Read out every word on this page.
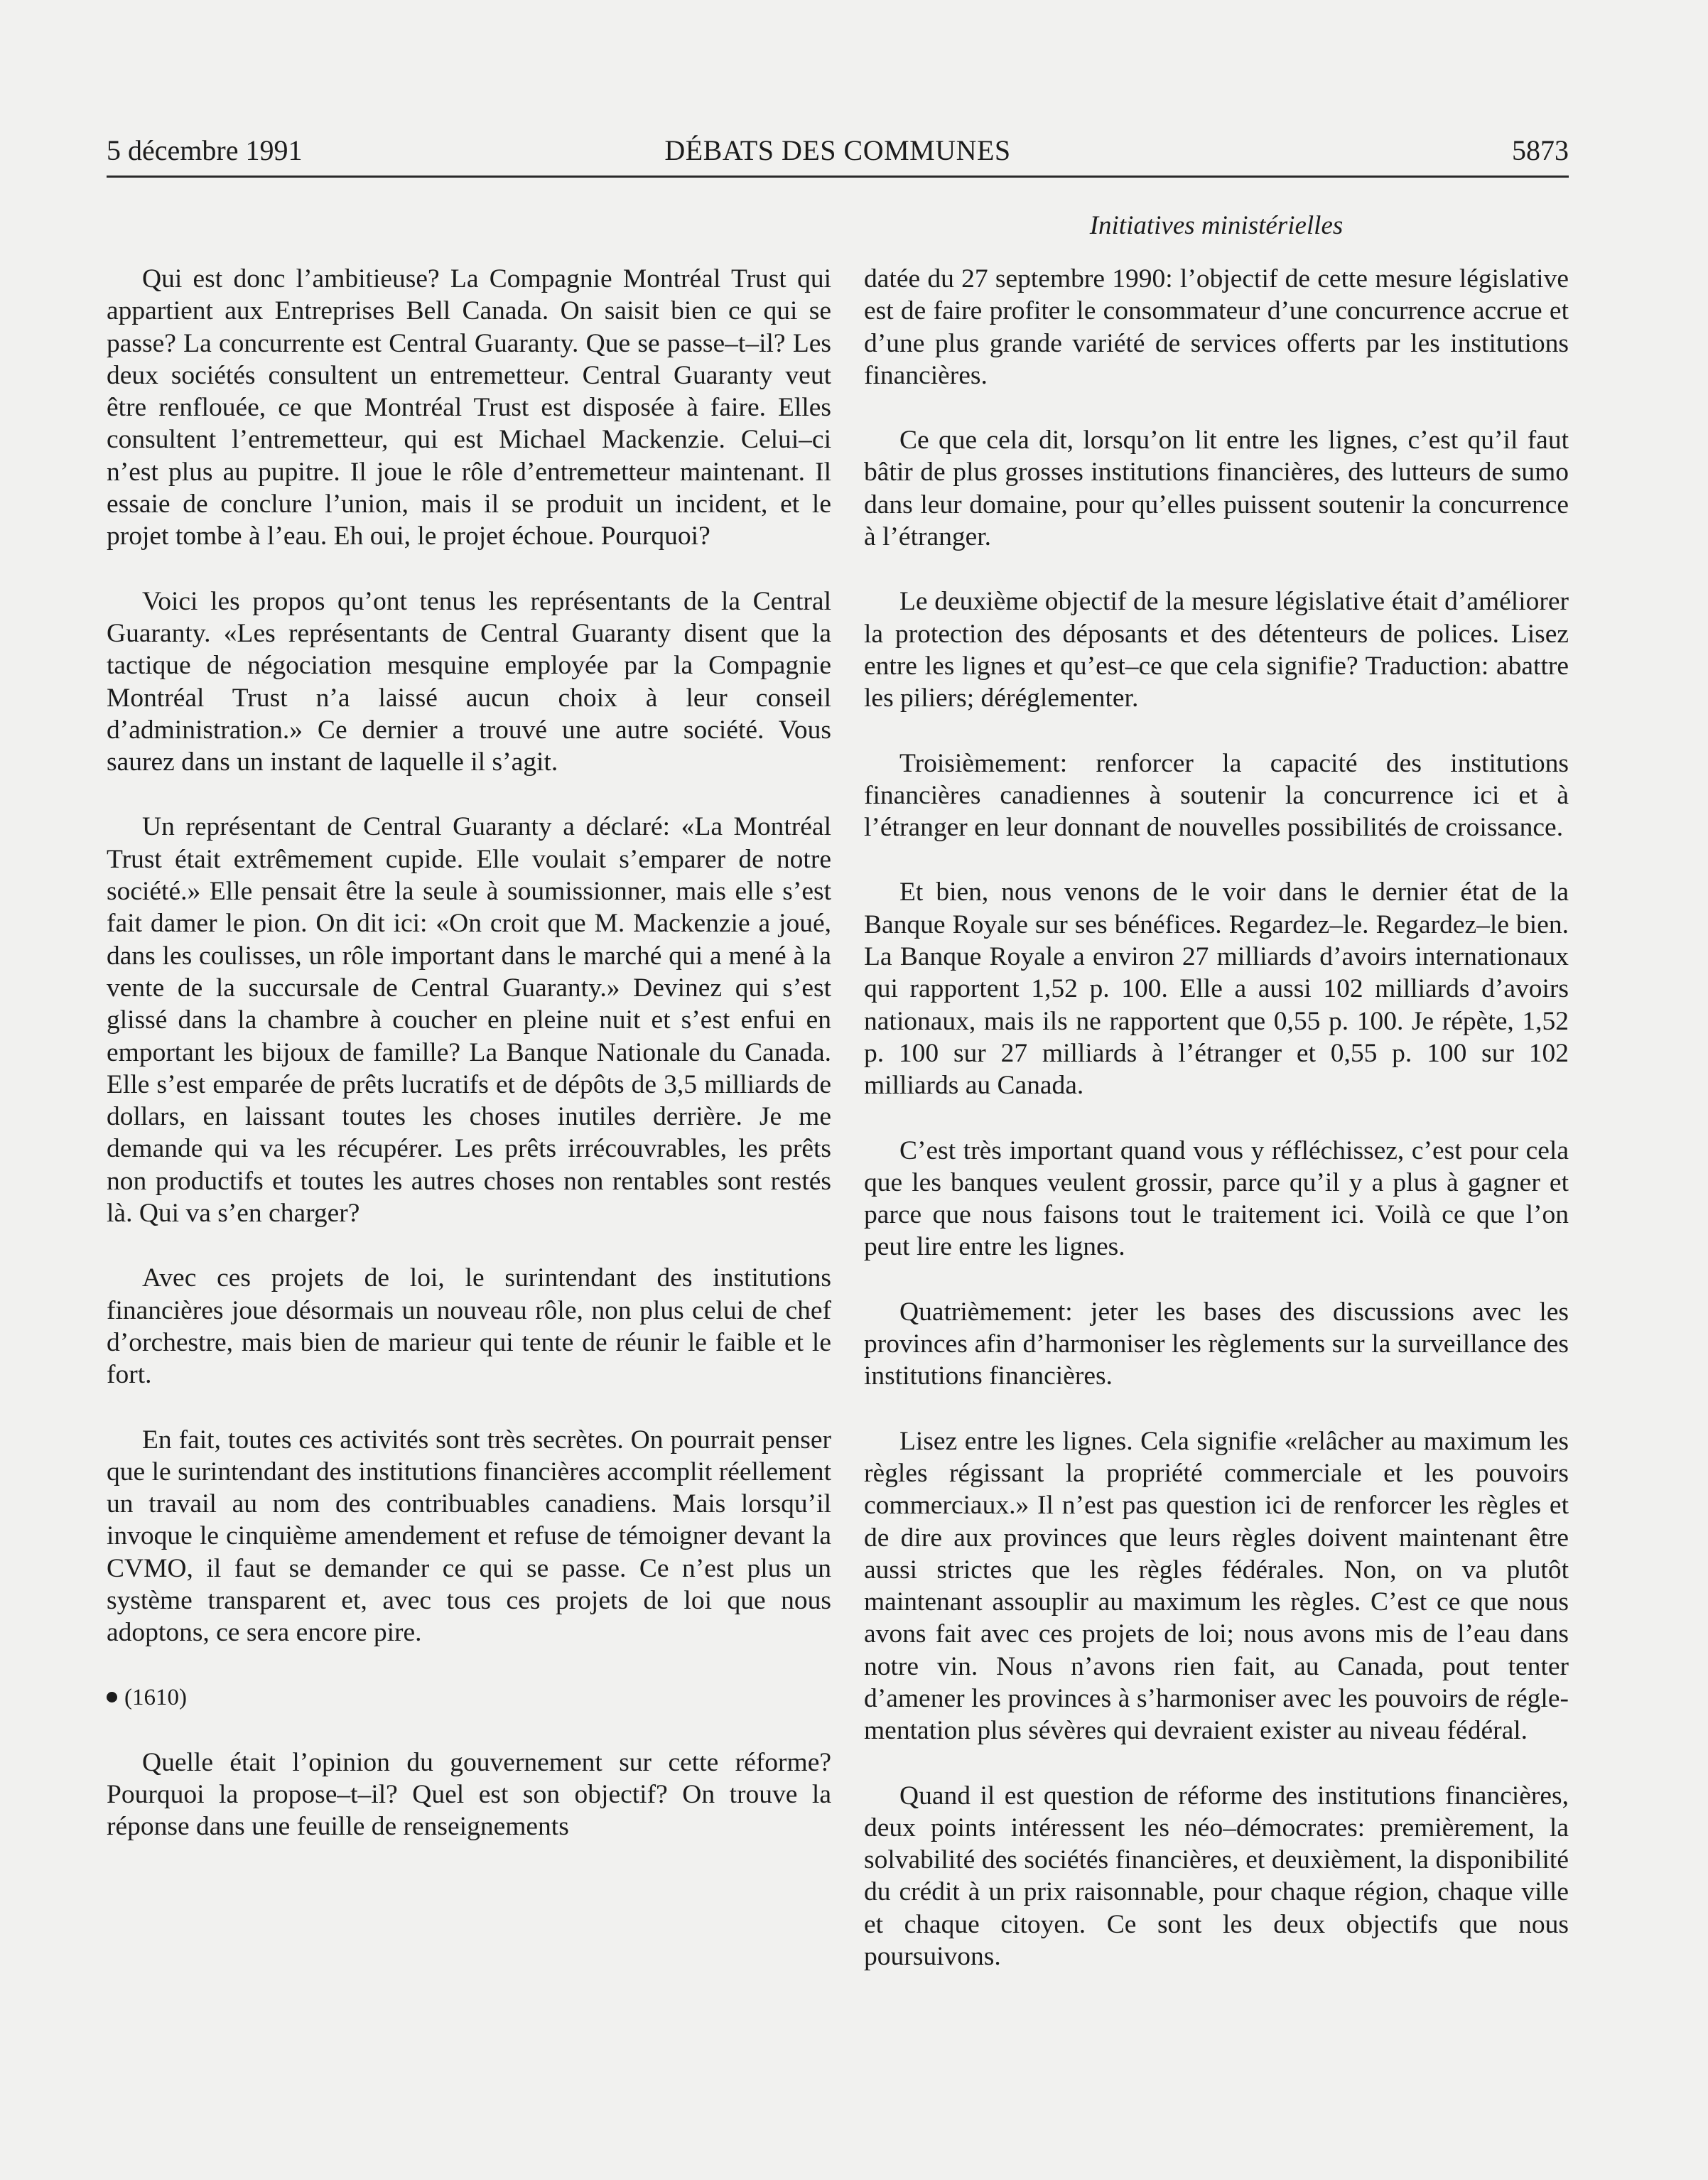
5 décembre 1991	DÉBATS DES COMMUNES	5873
Initiatives ministérielles

Qui est donc l’ambitieuse? La Compagnie Montréal Trust qui appartient aux Entreprises Bell Canada. On saisit bien ce qui se passe? La concurrente est Central Guaranty. Que se passe–t–il? Les deux sociétés consultent un entremetteur. Central Guaranty veut être renflouée, ce que Montréal Trust est disposée à faire. Elles consultent l’entremetteur, qui est Michael Mackenzie. Celui–ci n’est plus au pupitre. Il joue le rôle d’entremetteur maintenant. Il essaie de conclure l’union, mais il se produit un incident, et le projet tombe à l’eau. Eh oui, le projet échoue. Pourquoi?

Voici les propos qu’ont tenus les représentants de la Central Guaranty. «Les représentants de Central Guaranty disent que la tactique de négociation mesquine employée par la Compagnie Montréal Trust n’a laissé aucun choix à leur conseil d’administration.» Ce dernier a trouvé une autre société. Vous saurez dans un instant de laquelle il s’agit.

Un représentant de Central Guaranty a déclaré: «La Montréal Trust était extrêmement cupide. Elle voulait s’emparer de notre société.» Elle pensait être la seule à soumissionner, mais elle s’est fait damer le pion. On dit ici: «On croit que M. Mackenzie a joué, dans les coulisses, un rôle important dans le marché qui a mené à la vente de la succursale de Central Guaranty.» Devinez qui s’est glissé dans la chambre à coucher en pleine nuit et s’est enfui en emportant les bijoux de famille? La Banque Nationale du Canada. Elle s’est emparée de prêts lucratifs et de dépôts de 3,5 milliards de dollars, en laissant toutes les choses inutiles derrière. Je me demande qui va les récupérer. Les prêts irrécouvrables, les prêts non productifs et toutes les autres choses non rentables sont restés là. Qui va s’en charger?

Avec ces projets de loi, le surintendant des institutions financières joue désormais un nouveau rôle, non plus celui de chef d’orchestre, mais bien de marieur qui tente de réunir le faible et le fort.

En fait, toutes ces activités sont très secrètes. On pourrait penser que le surintendant des institutions financières accomplit réellement un travail au nom des contribuables canadiens. Mais lorsqu’il invoque le cinquième amendement et refuse de témoigner devant la CVMO, il faut se demander ce qui se passe. Ce n’est plus un système transparent et, avec tous ces projets de loi que nous adoptons, ce sera encore pire.

(1610)

Quelle était l’opinion du gouvernement sur cette réforme? Pourquoi la propose–t–il? Quel est son objectif? On trouve la réponse dans une feuille de renseignements

datée du 27 septembre 1990: l’objectif de cette mesure législative est de faire profiter le consommateur d’une concurrence accrue et d’une plus grande variété de services offerts par les institutions financières.

Ce que cela dit, lorsqu’on lit entre les lignes, c’est qu’il faut bâtir de plus grosses institutions financières, des lutteurs de sumo dans leur domaine, pour qu’elles puissent soutenir la concurrence à l’étranger.

Le deuxième objectif de la mesure législative était d’améliorer la protection des déposants et des détenteurs de polices. Lisez entre les lignes et qu’est–ce que cela signifie? Traduction: abattre les piliers; déréglementer.

Troisièmement: renforcer la capacité des institutions financières canadiennes à soutenir la concurrence ici et à l’étranger en leur donnant de nouvelles possibilités de croissance.

Et bien, nous venons de le voir dans le dernier état de la Banque Royale sur ses bénéfices. Regardez–le. Regardez–le bien. La Banque Royale a environ 27 milliards d’avoirs internationaux qui rapportent 1,52 p. 100. Elle a aussi 102 milliards d’avoirs nationaux, mais ils ne rapportent que 0,55 p. 100. Je répète, 1,52 p. 100 sur 27 milliards à l’étranger et 0,55 p. 100 sur 102 milliards au Canada.

C’est très important quand vous y réfléchissez, c’est pour cela que les banques veulent grossir, parce qu’il y a plus à gagner et parce que nous faisons tout le traitement ici. Voilà ce que l’on peut lire entre les lignes.

Quatrièmement: jeter les bases des discussions avec les provinces afin d’harmoniser les règlements sur la surveillance des institutions financières.

Lisez entre les lignes. Cela signifie «relâcher au maximum les règles régissant la propriété commerciale et les pouvoirs commerciaux.» Il n’est pas question ici de renforcer les règles et de dire aux provinces que leurs règles doivent maintenant être aussi strictes que les règles fédérales. Non, on va plutôt maintenant assouplir au maximum les règles. C’est ce que nous avons fait avec ces projets de loi; nous avons mis de l’eau dans notre vin. Nous n’avons rien fait, au Canada, pout tenter d’amener les provinces à s’harmoniser avec les pouvoirs de réglementation plus sévères qui devraient exister au niveau fédéral.

Quand il est question de réforme des institutions financières, deux points intéressent les néo–démocrates: premièrement, la solvabilité des sociétés financières, et deuxièment, la disponibilité du crédit à un prix raisonnable, pour chaque région, chaque ville et chaque citoyen. Ce sont les deux objectifs que nous poursuivons.
